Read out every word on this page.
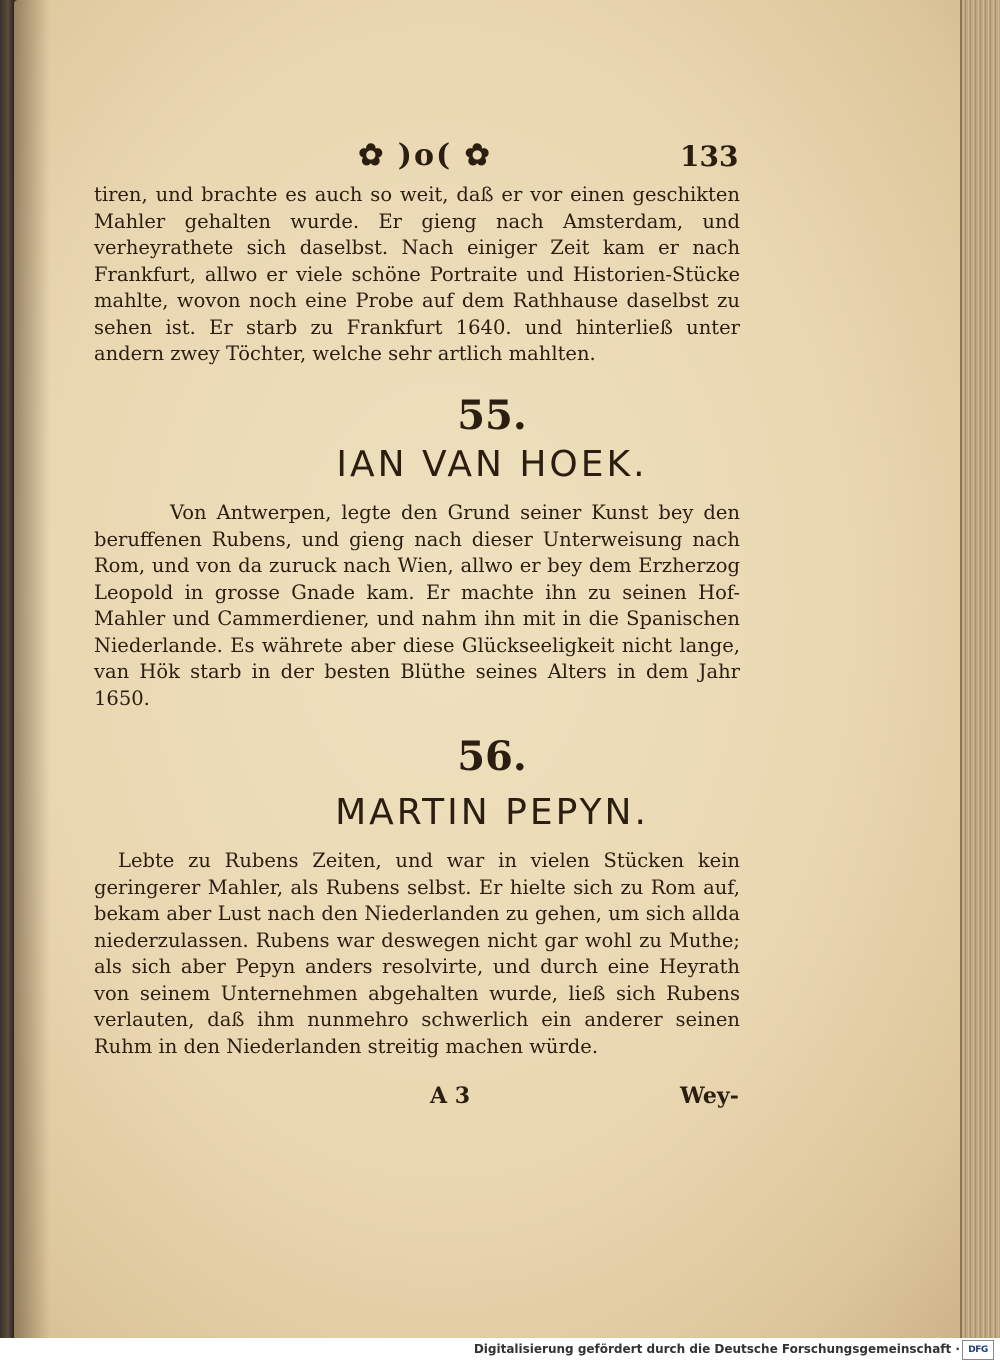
✿ )o( ✿	133
tiren, und brachte es auch so weit, daß er vor einen geschikten Mahler gehalten wurde. Er gieng nach Amsterdam, und verheyrathete sich daselbst. Nach einiger Zeit kam er nach Frankfurt, allwo er viele schöne Portraite und Historien-Stücke mahlte, wovon noch eine Probe auf dem Rathhause daselbst zu sehen ist. Er starb zu Frankfurt 1640. und hinterließ unter andern zwey Töchter, welche sehr artlich mahlten.
55.
IAN VAN HOEK.
Von Antwerpen, legte den Grund seiner Kunst bey den beruffenen Rubens, und gieng nach dieser Unterweisung nach Rom, und von da zuruck nach Wien, allwo er bey dem Erzherzog Leopold in grosse Gnade kam. Er machte ihn zu seinen Hof-Mahler und Cammerdiener, und nahm ihn mit in die Spanischen Niederlande. Es währete aber diese Glückseeligkeit nicht lange, van Hök starb in der besten Blüthe seines Alters in dem Jahr 1650.
56.
MARTIN PEPYN.
Lebte zu Rubens Zeiten, und war in vielen Stücken kein geringerer Mahler, als Rubens selbst. Er hielte sich zu Rom auf, bekam aber Lust nach den Niederlanden zu gehen, um sich allda niederzulassen. Rubens war deswegen nicht gar wohl zu Muthe; als sich aber Pepyn anders resolvirte, und durch eine Heyrath von seinem Unternehmen abgehalten wurde, ließ sich Rubens verlauten, daß ihm nunmehro schwerlich ein anderer seinen Ruhm in den Niederlanden streitig machen würde.
A 3	Wey-
Digitalisierung gefördert durch die Deutsche Forschungsgemeinschaft · DFG
